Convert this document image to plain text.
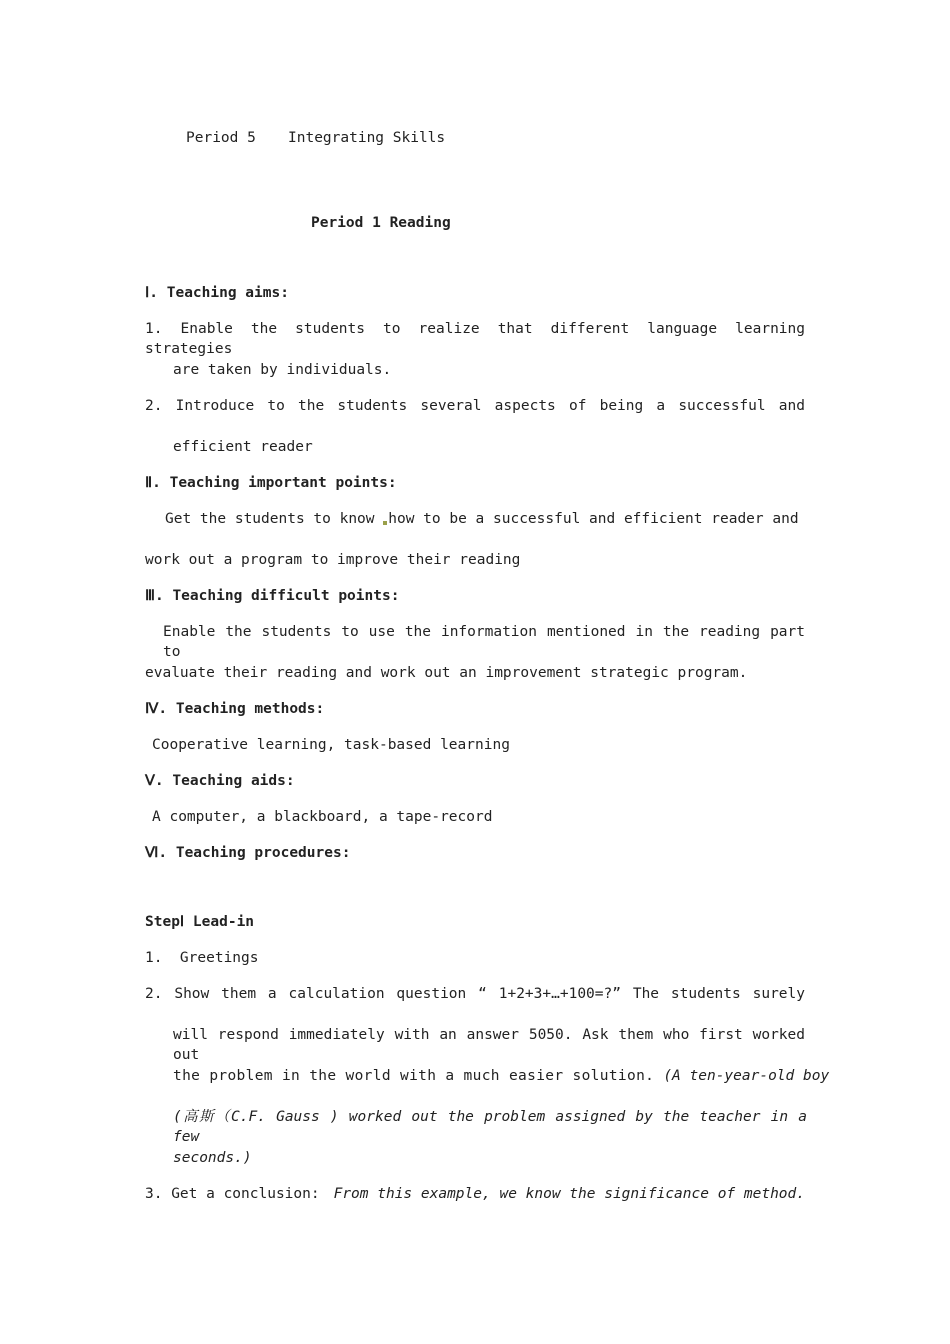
Period 5 Integrating Skills
Period 1 Reading
Ⅰ. Teaching aims:
1. Enable the students to realize that different language learning strategies
are taken by individuals.
2. Introduce to the students several aspects of being a successful and
efficient reader
Ⅱ. Teaching important points:
Get the students to know how to be a successful and efficient reader and
work out a program to improve their reading
Ⅲ. Teaching difficult points:
Enable the students to use the information mentioned in the reading part to
evaluate their reading and work out an improvement strategic program.
Ⅳ. Teaching methods:
Cooperative learning, task-based learning
Ⅴ. Teaching aids:
A computer, a blackboard, a tape-record
Ⅵ. Teaching procedures:
StepⅠ Lead-in
1.  Greetings
2. Show them a calculation question “ 1+2+3+…+100=?” The students surely
will respond immediately with an answer 5050. Ask them who first worked out
the problem in the world with a much easier solution. (A ten-year-old boy
(高斯（C.F. Gauss ) worked out the problem assigned by the teacher in a few
seconds.)
3. Get a conclusion: From this example, we know the significance of method.
